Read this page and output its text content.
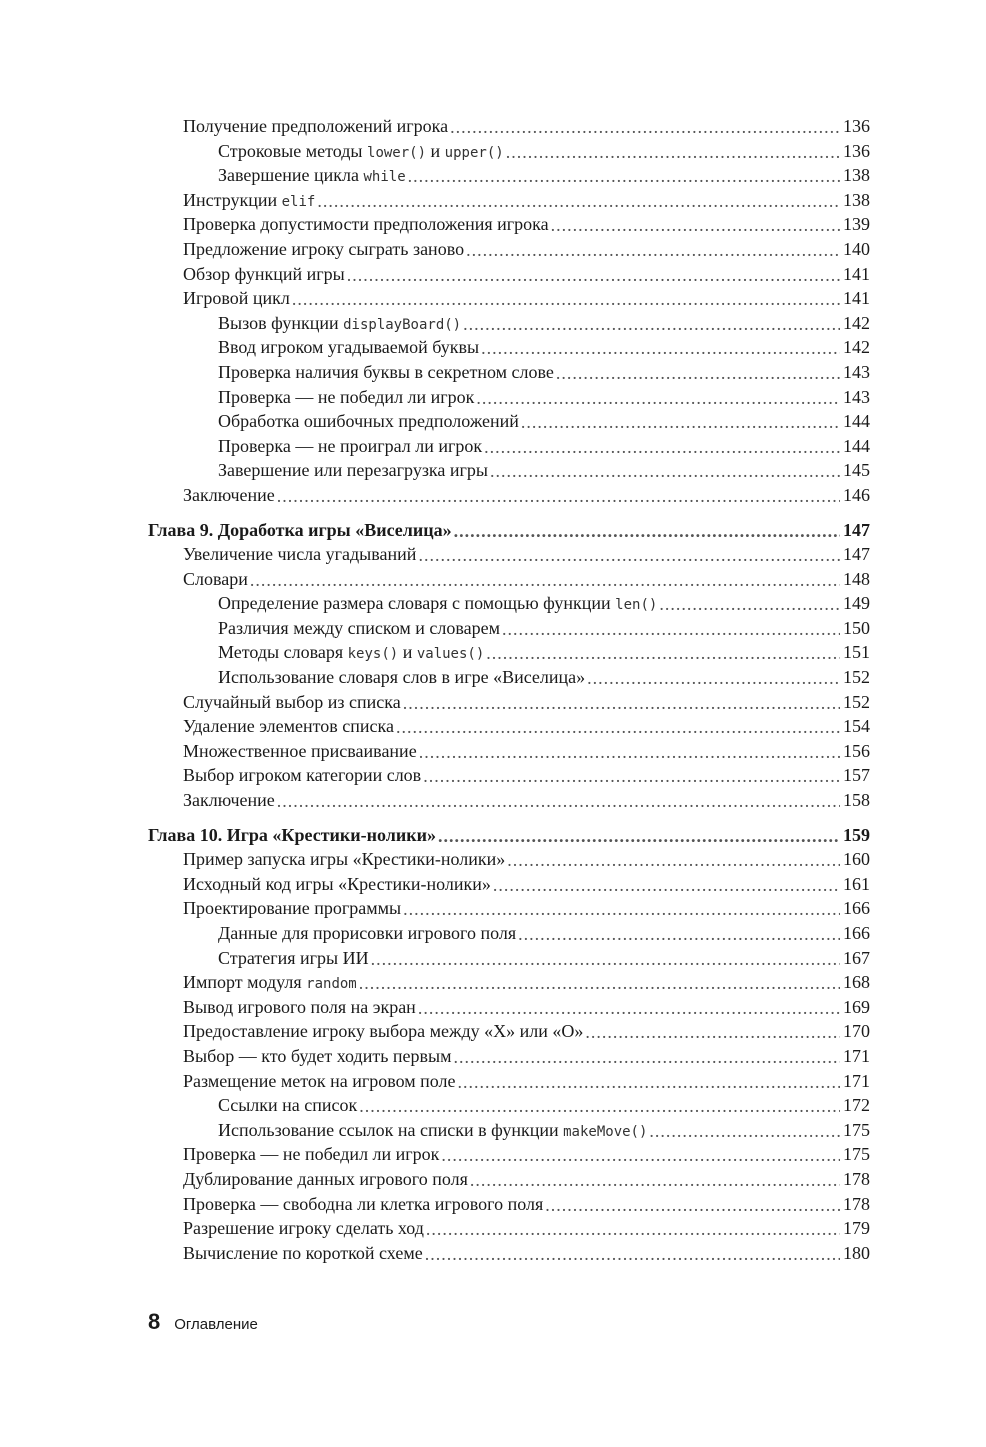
Получение предположений игрока .....	136
Строковые методы lower() и upper() .....	136
Завершение цикла while .....	138
Инструкции elif .....	138
Проверка допустимости предположения игрока .....	139
Предложение игроку сыграть заново .....	140
Обзор функций игры .....	141
Игровой цикл .....	141
Вызов функции displayBoard() .....	142
Ввод игроком угадываемой буквы .....	142
Проверка наличия буквы в секретном слове .....	143
Проверка — не победил ли игрок .....	143
Обработка ошибочных предположений .....	144
Проверка — не проиграл ли игрок .....	144
Завершение или перезагрузка игры .....	145
Заключение .....	146
Глава 9. Доработка игры «Виселица» .....	147
Увеличение числа угадываний .....	147
Словари .....	148
Определение размера словаря с помощью функции len() .....	149
Различия между списком и словарем .....	150
Методы словаря keys() и values() .....	151
Использование словаря слов в игре «Виселица» .....	152
Случайный выбор из списка .....	152
Удаление элементов списка .....	154
Множественное присваивание .....	156
Выбор игроком категории слов .....	157
Заключение .....	158
Глава 10. Игра «Крестики-нолики» .....	159
Пример запуска игры «Крестики-нолики» .....	160
Исходный код игры «Крестики-нолики» .....	161
Проектирование программы .....	166
Данные для прорисовки игрового поля .....	166
Стратегия игры ИИ .....	167
Импорт модуля random .....	168
Вывод игрового поля на экран .....	169
Предоставление игроку выбора между «Х» или «О» .....	170
Выбор — кто будет ходить первым .....	171
Размещение меток на игровом поле .....	171
Ссылки на список .....	172
Использование ссылок на списки в функции makeMove() .....	175
Проверка — не победил ли игрок .....	175
Дублирование данных игрового поля .....	178
Проверка — свободна ли клетка игрового поля .....	178
Разрешение игроку сделать ход .....	179
Вычисление по короткой схеме .....	180
8 Оглавление
